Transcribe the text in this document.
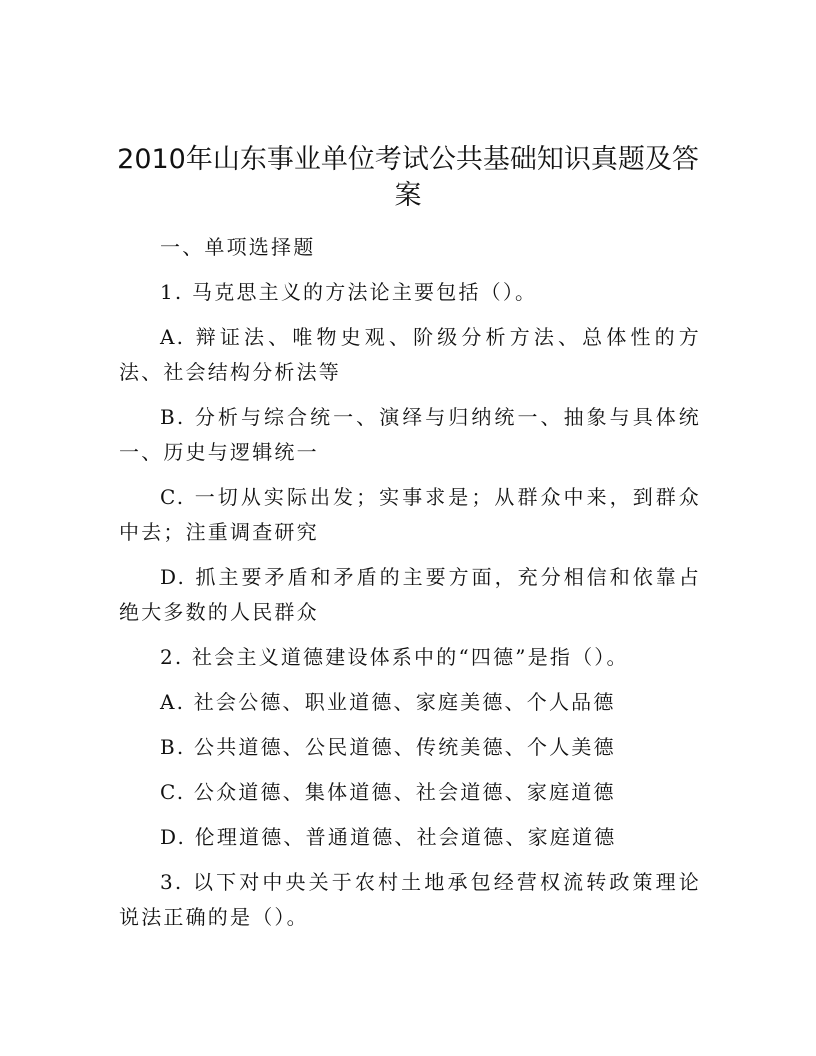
2010年山东事业单位考试公共基础知识真题及答案

一、单项选择题

1. 马克思主义的方法论主要包括（）。

A. 辩证法、唯物史观、阶级分析方法、总体性的方法、社会结构分析法等

B. 分析与综合统一、演绎与归纳统一、抽象与具体统一、历史与逻辑统一

C. 一切从实际出发；实事求是；从群众中来，到群众中去；注重调查研究

D. 抓主要矛盾和矛盾的主要方面，充分相信和依靠占绝大多数的人民群众

2. 社会主义道德建设体系中的“四德”是指（）。

A. 社会公德、职业道德、家庭美德、个人品德

B. 公共道德、公民道德、传统美德、个人美德

C. 公众道德、集体道德、社会道德、家庭道德

D. 伦理道德、普通道德、社会道德、家庭道德

3. 以下对中央关于农村土地承包经营权流转政策理论说法正确的是（）。
